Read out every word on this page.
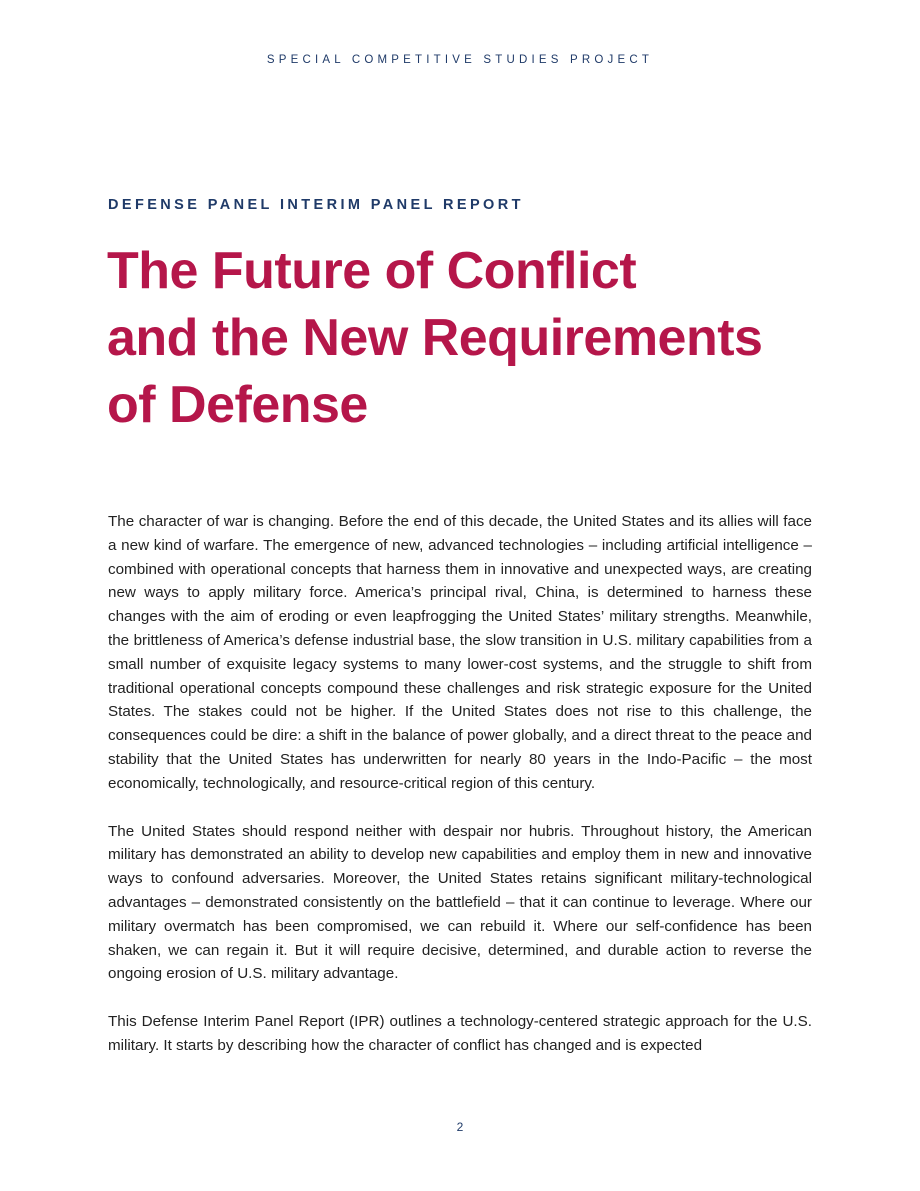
SPECIAL COMPETITIVE STUDIES PROJECT
DEFENSE PANEL INTERIM PANEL REPORT
The Future of Conflict
and the New Requirements
of Defense

The character of war is changing. Before the end of this decade, the United States and its allies will face a new kind of warfare. The emergence of new, advanced technologies – including artificial intelligence – combined with operational concepts that harness them in innovative and unexpected ways, are creating new ways to apply military force. America’s principal rival, China, is determined to harness these changes with the aim of eroding or even leapfrogging the United States’ military strengths. Meanwhile, the brittleness of America’s defense industrial base, the slow transition in U.S. military capabilities from a small number of exquisite legacy systems to many lower-cost systems, and the struggle to shift from traditional operational concepts compound these challenges and risk strategic exposure for the United States. The stakes could not be higher. If the United States does not rise to this challenge, the consequences could be dire: a shift in the balance of power globally, and a direct threat to the peace and stability that the United States has underwritten for nearly 80 years in the Indo-Pacific – the most economically, technologically, and resource-critical region of this century.

The United States should respond neither with despair nor hubris. Throughout history, the American military has demonstrated an ability to develop new capabilities and employ them in new and innovative ways to confound adversaries. Moreover, the United States retains significant military-technological advantages – demonstrated consistently on the battlefield – that it can continue to leverage. Where our military overmatch has been compromised, we can rebuild it. Where our self-confidence has been shaken, we can regain it. But it will require decisive, determined, and durable action to reverse the ongoing erosion of U.S. military advantage.

This Defense Interim Panel Report (IPR) outlines a technology-centered strategic approach for the U.S. military. It starts by describing how the character of conflict has changed and is expected

2
